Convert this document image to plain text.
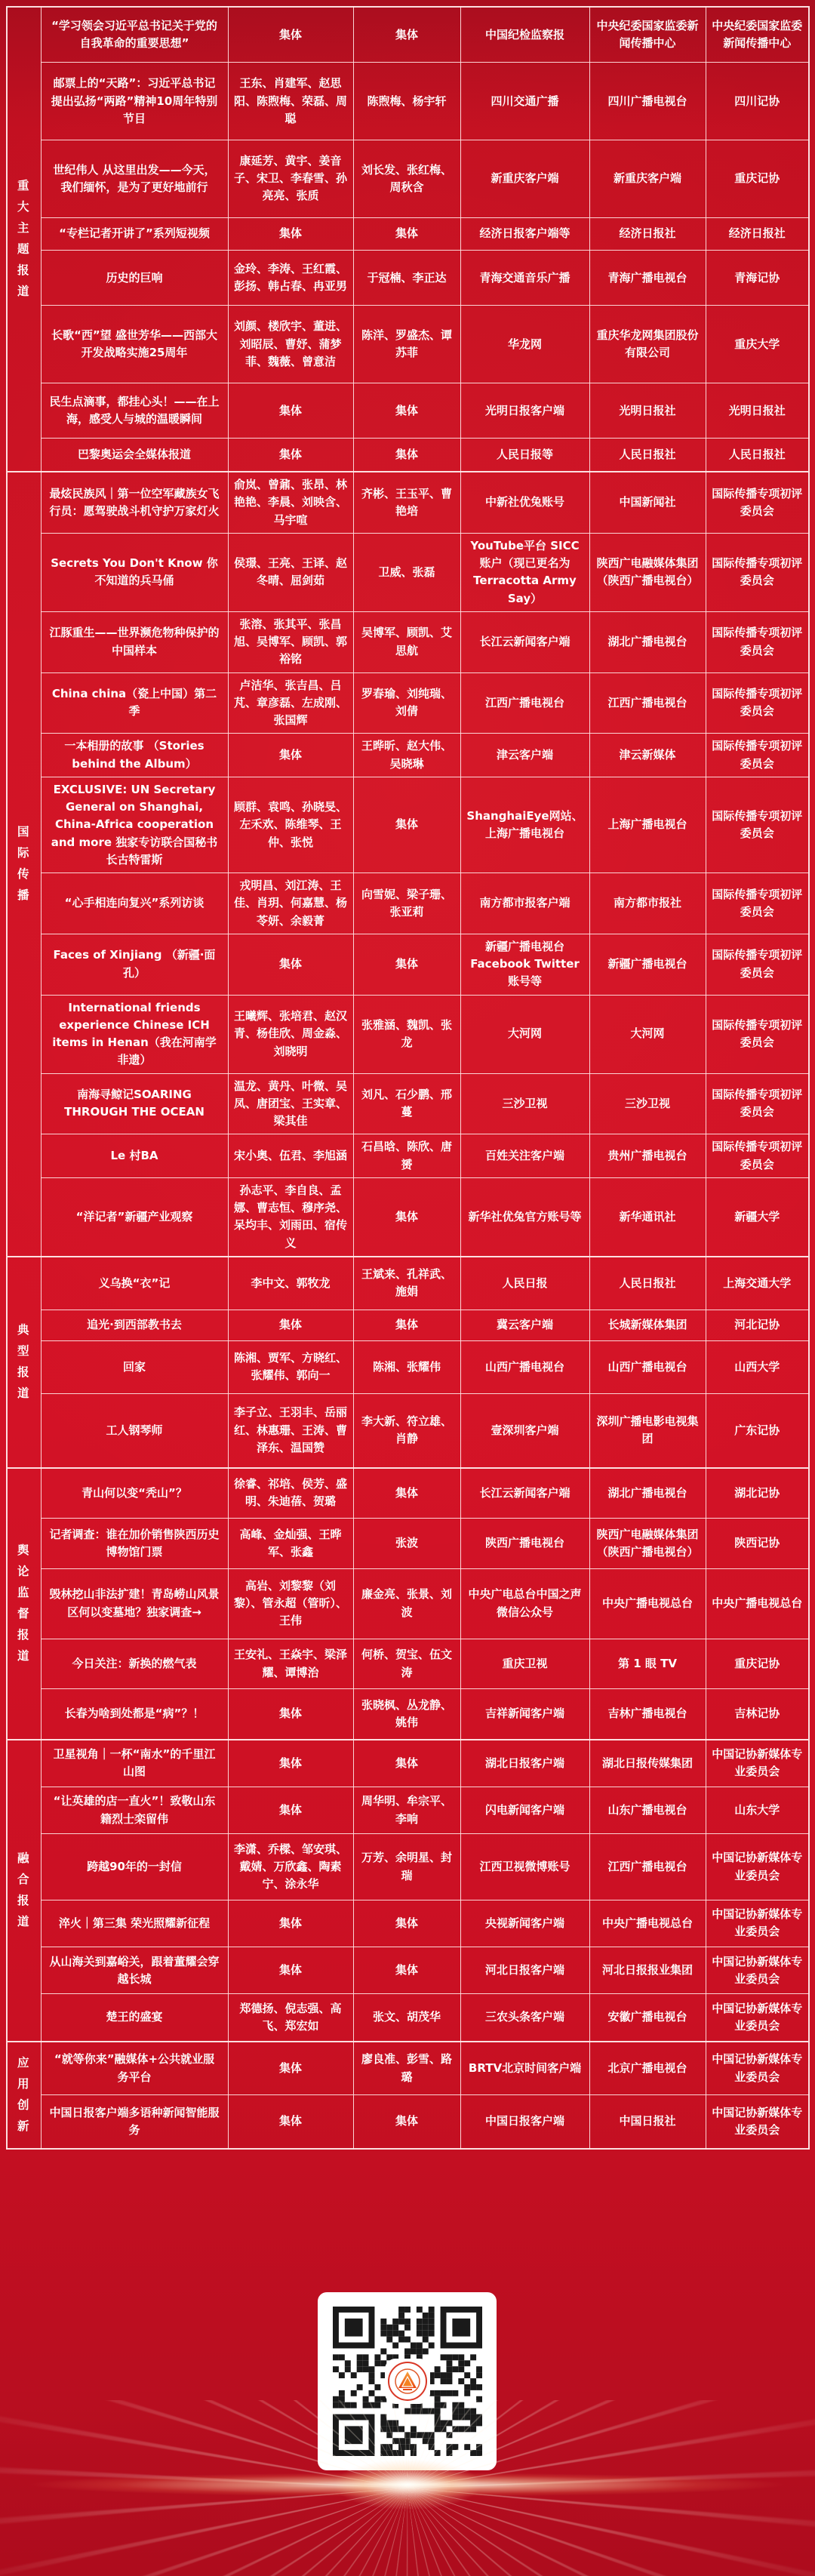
重大主题报道	“学习领会习近平总书记关于党的自我革命的重要思想”	集体	集体	中国纪检监察报	中央纪委国家监委新闻传播中心	中央纪委国家监委新闻传播中心
	邮票上的“天路”：习近平总书记提出弘扬“两路”精神10周年特别节目	王东、肖建军、赵思阳、陈煦梅、荣磊、周聪	陈煦梅、杨宇轩	四川交通广播	四川广播电视台	四川记协
	世纪伟人 从这里出发——今天，我们缅怀，是为了更好地前行	康延芳、黄宇、姜音子、宋卫、李春雪、孙亮亮、张质	刘长发、张红梅、周秋含	新重庆客户端	新重庆客户端	重庆记协
	“专栏记者开讲了”系列短视频	集体	集体	经济日报客户端等	经济日报社	经济日报社
	历史的巨响	金玲、李涛、王红霞、彭扬、韩占春、冉亚男	于冠楠、李正达	青海交通音乐广播	青海广播电视台	青海记协
	长歌“西”望 盛世芳华——西部大开发战略实施25周年	刘颜、楼欣宇、董进、刘昭辰、曹妤、蒲梦菲、魏薇、曾意洁	陈洋、罗盛杰、谭苏菲	华龙网	重庆华龙网集团股份有限公司	重庆大学
	民生点滴事，都挂心头！——在上海，感受人与城的温暖瞬间	集体	集体	光明日报客户端	光明日报社	光明日报社
	巴黎奥运会全媒体报道	集体	集体	人民日报等	人民日报社	人民日报社
国际传播	最炫民族风｜第一位空军藏族女飞行员：愿驾驶战斗机守护万家灯火	俞岚、曾鼐、张昂、林艳艳、李晨、刘映含、马宇喧	齐彬、王玉平、曹艳培	中新社优兔账号	中国新闻社	国际传播专项初评委员会
	Secrets You Don't Know 你不知道的兵马俑	侯璟、王亮、王译、赵冬晴、屈剑茹	卫威、张磊	YouTube平台 SICC账户（现已更名为 Terracotta Army Say）	陕西广电融媒体集团（陕西广播电视台）	国际传播专项初评委员会
	江豚重生——世界濒危物种保护的中国样本	张溶、张其平、张昌旭、吴博军、顾凯、郭裕铭	吴博军、顾凯、艾思航	长江云新闻客户端	湖北广播电视台	国际传播专项初评委员会
	China china（瓷上中国）第二季	卢洁华、张吉昌、吕芃、章彦磊、左成刚、张国辉	罗春瑜、刘纯瑞、刘倩	江西广播电视台	江西广播电视台	国际传播专项初评委员会
	一本相册的故事 （Stories behind the Album）	集体	王晔昕、赵大伟、吴晓琳	津云客户端	津云新媒体	国际传播专项初评委员会
	EXCLUSIVE: UN Secretary General on Shanghai, China-Africa cooperation and more 独家专访联合国秘书长古特雷斯	顾群、袁鸣、孙晓旻、左禾欢、陈维琴、王仲、张悦	集体	ShanghaiEye网站、上海广播电视台	上海广播电视台	国际传播专项初评委员会
	“心手相连向复兴”系列访谈	戎明昌、刘江涛、王佳、肖玥、何嘉慧、杨苓妍、余毅菁	向雪妮、梁子珊、张亚莉	南方都市报客户端	南方都市报社	国际传播专项初评委员会
	Faces of Xinjiang （新疆·面孔）	集体	集体	新疆广播电视台 Facebook Twitter 账号等	新疆广播电视台	国际传播专项初评委员会
	International friends experience Chinese ICH items in Henan（我在河南学非遗）	王曦辉、张培君、赵汉青、杨佳欣、周金淼、刘晓明	张雅涵、魏凯、张龙	大河网	大河网	国际传播专项初评委员会
	南海寻鲸记SOARING THROUGH THE OCEAN	温龙、黄丹、叶微、吴凤、唐团宝、王实章、梁其佳	刘凡、石少鹏、邢蔓	三沙卫视	三沙卫视	国际传播专项初评委员会
	Le 村BA	宋小奥、伍君、李旭涵	石昌晗、陈欣、唐赟	百姓关注客户端	贵州广播电视台	国际传播专项初评委员会
	“洋记者”新疆产业观察	孙志平、李自良、孟娜、曹志恒、穆序尧、呆均丰、刘雨田、宿传义	集体	新华社优兔官方账号等	新华通讯社	新疆大学
典型报道	义乌换“衣”记	李中文、郭牧龙	王斌来、孔祥武、施娟	人民日报	人民日报社	上海交通大学
	追光·到西部教书去	集体	集体	冀云客户端	长城新媒体集团	河北记协
	回家	陈湘、贾军、方晓红、张耀伟、郭向一	陈湘、张耀伟	山西广播电视台	山西广播电视台	山西大学
	工人钢琴师	李子立、王羽丰、岳丽红、林惠珊、王涛、曹泽东、温国赞	李大新、符立雄、肖静	壹深圳客户端	深圳广播电影电视集团	广东记协
舆论监督报道	青山何以变“秃山”？	徐睿、祁培、侯芳、盛明、朱迪蓓、贺璐	集体	长江云新闻客户端	湖北广播电视台	湖北记协
	记者调查：谁在加价销售陕西历史博物馆门票	高峰、金灿强、王晔军、张鑫	张波	陕西广播电视台	陕西广电融媒体集团（陕西广播电视台）	陕西记协
	毁林挖山非法扩建！青岛崂山风景区何以变墓地？独家调查→	高岩、刘黎黎（刘黎）、管永超（管昕）、王伟	廉金亮、张景、刘波	中央广电总台中国之声微信公众号	中央广播电视总台	中央广播电视总台
	今日关注：新换的燃气表	王安礼、王焱宇、梁泽耀、谭博治	何桥、贺宝、伍文涛	重庆卫视	第 1 眼 TV	重庆记协
	长春为啥到处都是“病”？！	集体	张晓枫、丛龙静、姚伟	吉祥新闻客户端	吉林广播电视台	吉林记协
融合报道	卫星视角｜一杯“南水”的千里江山图	集体	集体	湖北日报客户端	湖北日报传媒集团	中国记协新媒体专业委员会
	“让英雄的店一直火”！致敬山东籍烈士栾留伟	集体	周华明、牟宗平、李响	闪电新闻客户端	山东广播电视台	山东大学
	跨越90年的一封信	李潇、乔樑、邹安琪、戴婧、万欣鑫、陶素宁、涂永华	万芳、余明星、封瑞	江西卫视微博账号	江西广播电视台	中国记协新媒体专业委员会
	淬火｜第三集 荣光照耀新征程	集体	集体	央视新闻客户端	中央广播电视总台	中国记协新媒体专业委员会
	从山海关到嘉峪关，跟着董耀会穿越长城	集体	集体	河北日报客户端	河北日报报业集团	中国记协新媒体专业委员会
	楚王的盛宴	郑德扬、倪志强、高飞、郑宏如	张文、胡茂华	三农头条客户端	安徽广播电视台	中国记协新媒体专业委员会
应用创新	“就等你来”融媒体+公共就业服务平台	集体	廖良准、彭雪、路璐	BRTV北京时间客户端	北京广播电视台	中国记协新媒体专业委员会
	中国日报客户端多语种新闻智能服务	集体	集体	中国日报客户端	中国日报社	中国记协新媒体专业委员会
